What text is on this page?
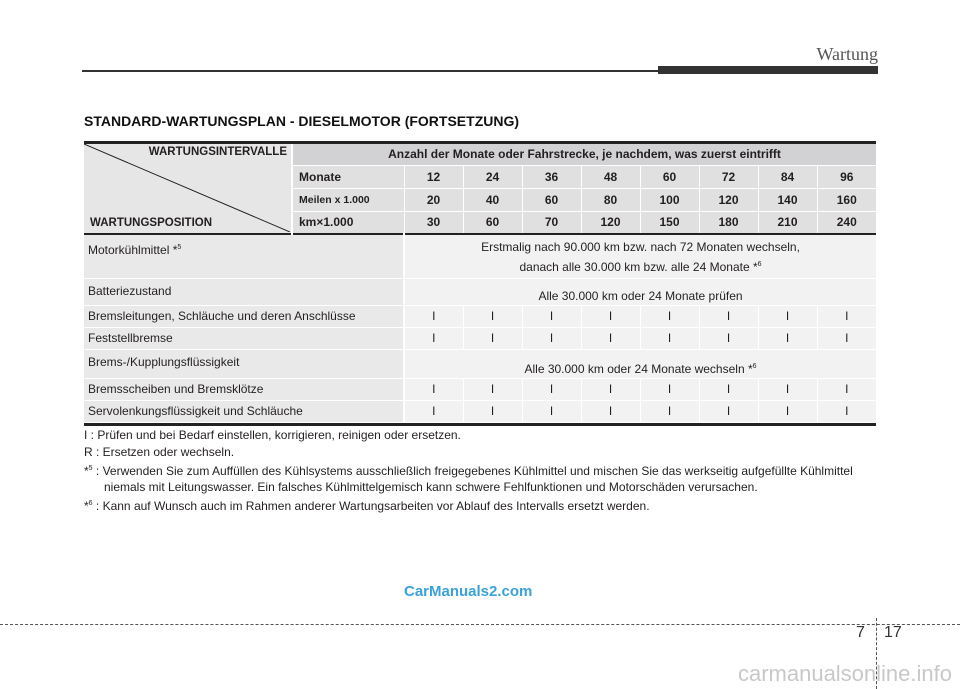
Wartung
STANDARD-WARTUNGSPLAN - DIESELMOTOR (FORTSETZUNG)
WARTUNGSINTERVALLE
WARTUNGSPOSITION	Anzahl der Monate oder Fahrstrecke, je nachdem, was zuerst eintrifft								
	Monate	12	24	36	48	60	72	84	96
	Meilen x 1.000	20	40	60	80	100	120	140	160
	km×1.000	30	60	70	120	150	180	210	240
Motorkühlmittel *$^5$		Erstmalig nach 90.000 km bzw. nach 72 Monaten wechseln,
danach alle 30.000 km bzw. alle 24 Monate *$^6$

Batteriezustand		Alle 30.000 km oder 24 Monate prüfen							
Bremsleitungen, Schläuche und deren Anschlüsse		I	I	I	I	I	I	I	I
Feststellbremse		I	I	I	I	I	I	I	I
Brems-/Kupplungsflüssigkeit		Alle 30.000 km oder 24 Monate wechseln *$^6$
Bremsscheiben und Bremsklötze		I	I	I	I	I	I	I	I
Servolenkungsflüssigkeit und Schläuche		I	I	I	I	I	I	I	I

I : Prüfen und bei Bedarf einstellen, korrigieren, reinigen oder ersetzen.

R : Ersetzen oder wechseln.

*$^5$ : Verwenden Sie zum Auffüllen des Kühlsystems ausschließlich freigegebenes Kühlmittel und mischen Sie das werkseitig aufgefüllte Kühlmittel niemals mit Leitungswasser. Ein falsches Kühlmittelgemisch kann schwere Fehlfunktionen und Motorschäden verursachen.

*$^6$ : Kann auf Wunsch auch im Rahmen anderer Wartungsarbeiten vor Ablauf des Intervalls ersetzt werden.

CarManuals2.com
7 17
carmanualsonline.info
